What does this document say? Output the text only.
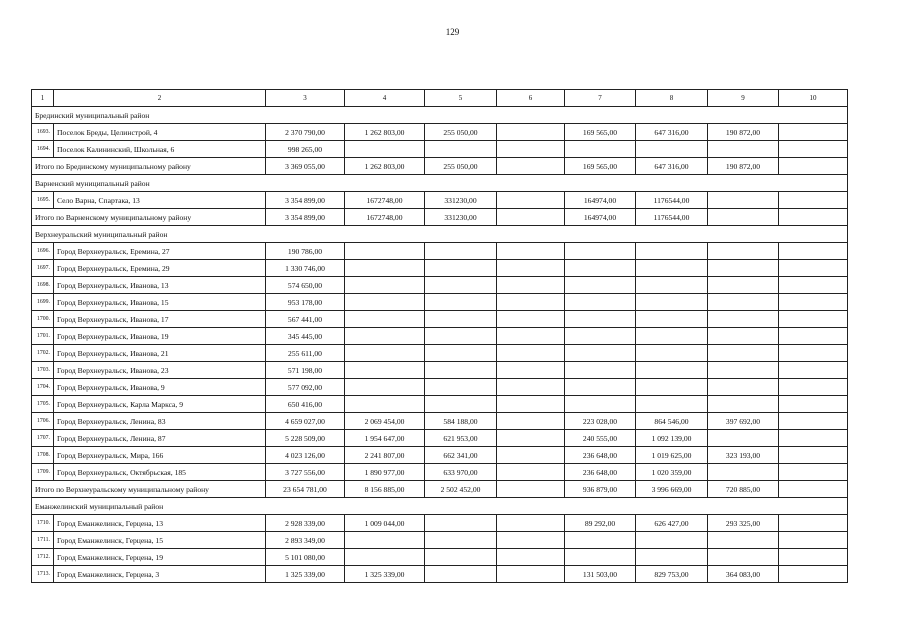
129
1	2	3	4	5	6	7	8	9	10
Брединский муниципальный район									
1693.	Поселок Бреды, Целинстрой, 4	2 370 790,00	1 262 803,00	255 050,00		169 565,00	647 316,00	190 872,00	
1694.	Поселок Калининский, Школьная, 6	998 265,00							
Итого по Брединскому муниципальному району		3 369 055,00	1 262 803,00	255 050,00		169 565,00	647 316,00	190 872,00	
Варненский муниципальный район									
1695.	Село Варна, Спартака, 13	3 354 899,00	1672748,00	331230,00		164974,00	1176544,00		
Итого по Варненскому муниципальному району		3 354 899,00	1672748,00	331230,00		164974,00	1176544,00		
Верхнеуральский муниципальный район									
1696.	Город Верхнеуральск, Еремина, 27	190 786,00							
1697.	Город Верхнеуральск, Еремина, 29	1 330 746,00							
1698.	Город Верхнеуральск, Иванова, 13	574 650,00							
1699.	Город Верхнеуральск, Иванова, 15	953 178,00							
1700.	Город Верхнеуральск, Иванова, 17	567 441,00							
1701.	Город Верхнеуральск, Иванова, 19	345 445,00							
1702.	Город Верхнеуральск, Иванова, 21	255 611,00							
1703.	Город Верхнеуральск, Иванова, 23	571 198,00							
1704.	Город Верхнеуральск, Иванова, 9	577 092,00							
1705.	Город Верхнеуральск, Карла Маркса, 9	650 416,00							
1706.	Город Верхнеуральск, Ленина, 83	4 659 027,00	2 069 454,00	584 188,00		223 028,00	864 546,00	397 692,00	
1707.	Город Верхнеуральск, Ленина, 87	5 228 509,00	1 954 647,00	621 953,00		240 555,00	1 092 139,00		
1708.	Город Верхнеуральск, Мира, 166	4 023 126,00	2 241 807,00	662 341,00		236 648,00	1 019 625,00	323 193,00	
1709.	Город Верхнеуральск, Октябрьская, 185	3 727 556,00	1 890 977,00	633 970,00		236 648,00	1 020 359,00		
Итого по Верхнеуральскому муниципальному району		23 654 781,00	8 156 885,00	2 502 452,00		936 879,00	3 996 669,00	720 885,00	
Еманжелинский муниципальный район									
1710.	Город Еманжелинск, Герцена, 13	2 928 339,00	1 009 044,00			89 292,00	626 427,00	293 325,00	
1711.	Город Еманжелинск, Герцена, 15	2 893 349,00							
1712.	Город Еманжелинск, Герцена, 19	5 101 080,00							
1713.	Город Еманжелинск, Герцена, 3	1 325 339,00	1 325 339,00			131 503,00	829 753,00	364 083,00	
